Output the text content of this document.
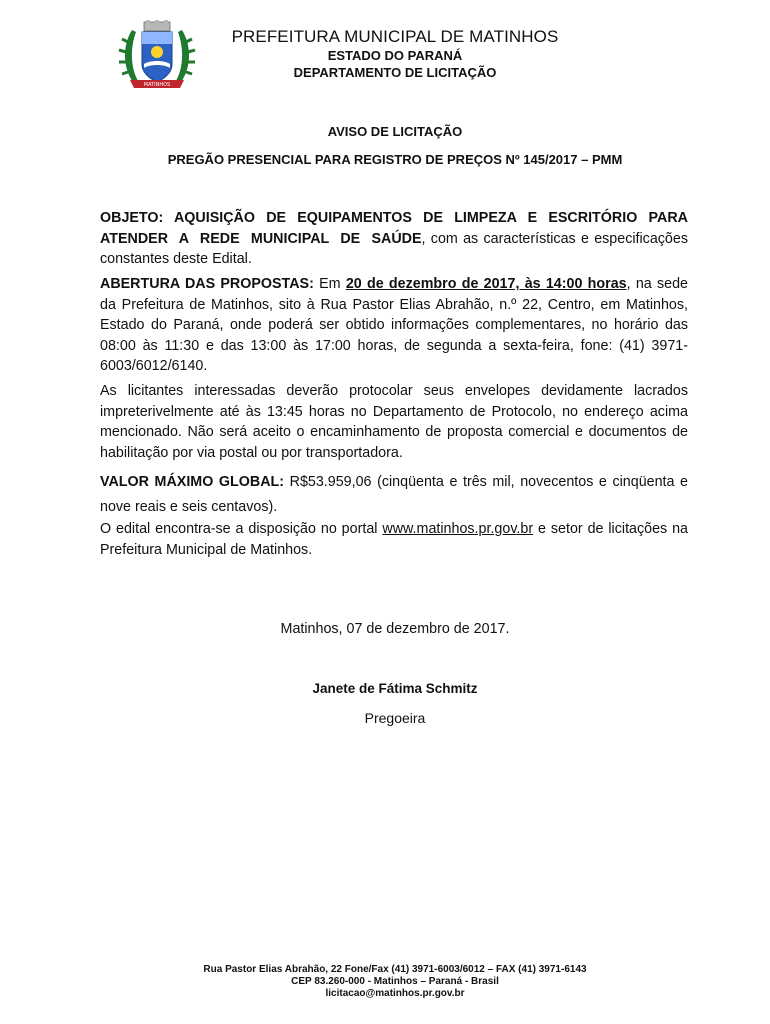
MATINHOS
PREFEITURA MUNICIPAL DE MATINHOS
ESTADO DO PARANÁ
DEPARTAMENTO DE LICITAÇÃO
AVISO DE LICITAÇÃO
PREGÃO PRESENCIAL PARA REGISTRO DE PREÇOS Nº 145/2017 – PMM
OBJETO: AQUISIÇÃO DE EQUIPAMENTOS DE LIMPEZA E ESCRITÓRIO PARA ATENDER A REDE MUNICIPAL DE SAÚDE, com as características e especificações constantes deste Edital.
ABERTURA DAS PROPOSTAS: Em 20 de dezembro de 2017, às 14:00 horas, na sede da Prefeitura de Matinhos, sito à Rua Pastor Elias Abrahão, n.º 22, Centro, em Matinhos, Estado do Paraná, onde poderá ser obtido informações complementares, no horário das 08:00 às 11:30 e das 13:00 às 17:00 horas, de segunda a sexta-feira, fone: (41) 3971-6003/6012/6140.
As licitantes interessadas deverão protocolar seus envelopes devidamente lacrados impreterivelmente até às 13:45 horas no Departamento de Protocolo, no endereço acima mencionado. Não será aceito o encaminhamento de proposta comercial e documentos de habilitação por via postal ou por transportadora.
VALOR MÁXIMO GLOBAL: R$53.959,06 (cinqüenta e três mil, novecentos e cinqüenta e nove reais e seis centavos).
O edital encontra-se a disposição no portal www.matinhos.pr.gov.br e setor de licitações na Prefeitura Municipal de Matinhos.
Matinhos, 07 de dezembro de 2017.
Janete de Fátima Schmitz
Pregoeira
Rua Pastor Elias Abrahão, 22 Fone/Fax (41) 3971-6003/6012 – FAX (41) 3971-6143
CEP 83.260-000 - Matinhos – Paraná - Brasil
licitacao@matinhos.pr.gov.br
